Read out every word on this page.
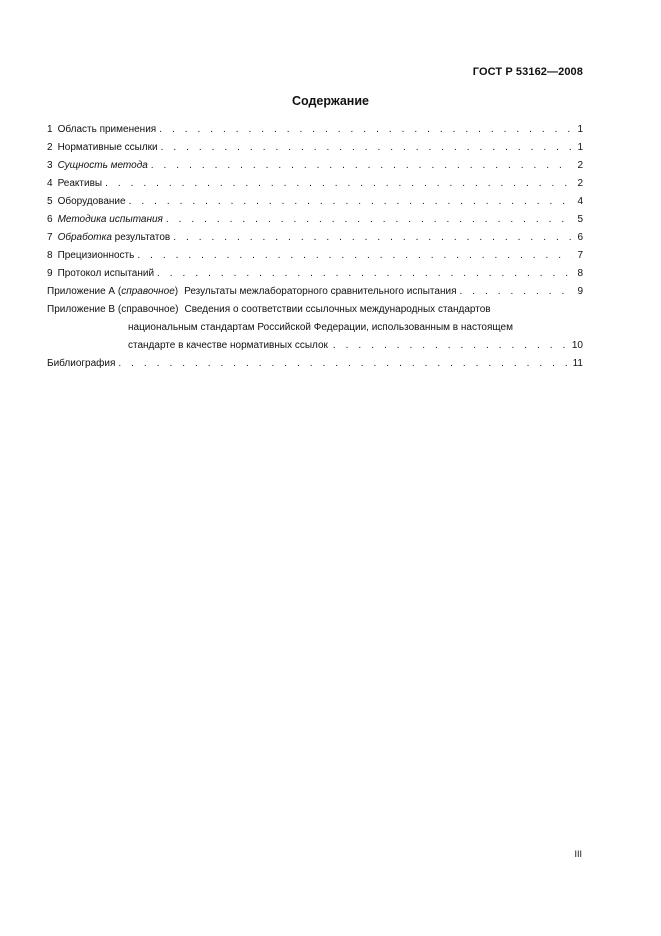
ГОСТ Р 53162—2008
Содержание
1 Область применения . . .	1
2 Нормативные ссылки . . .	1
3 Сущность метода . . .	2
4 Реактивы . . .	2
5 Оборудование . . .	4
6 Методика испытания . . .	5
7 Обработка
результатов . . .	6
8 Прецизионность . . .	7
9 Протокол испытаний . . .	8
Приложение А ( справочное ) Результаты межлабораторного сравнительного испытания . . .	9
Приложение В (справочное) Сведения о соответствии ссылочных международных стандартов
национальным стандартам Российской Федерации, использованным в настоящем
стандарте в качестве нормативных ссылок . . .	10
Библиография . . .	11
III
